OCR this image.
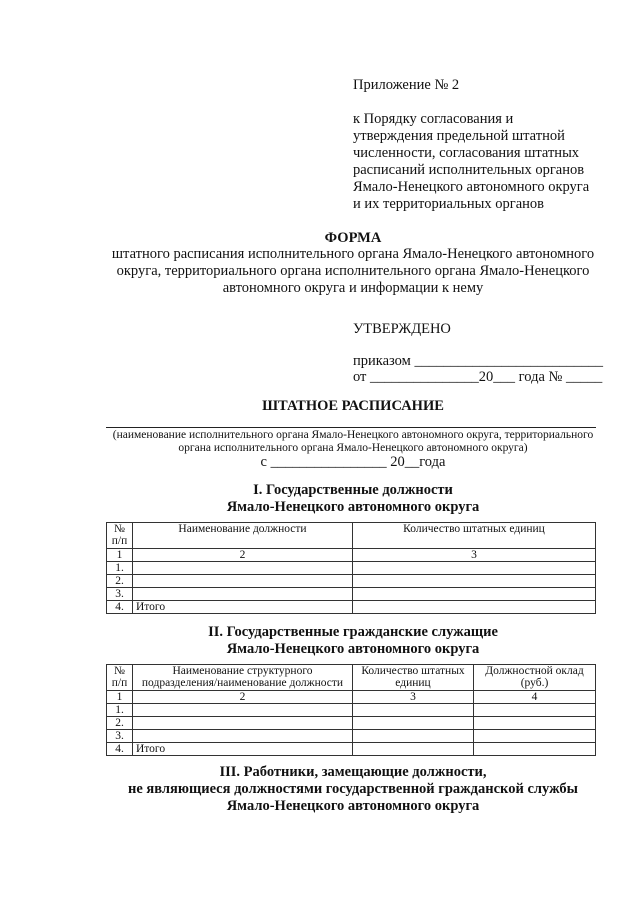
Приложение № 2
к Порядку согласования и
утверждения предельной штатной
численности, согласования штатных
расписаний исполнительных органов
Ямало-Ненецкого автономного округа
и их территориальных органов
ФОРМА
штатного расписания исполнительного органа Ямало-Ненецкого автономного
округа, территориального органа исполнительного органа Ямало-Ненецкого
автономного округа и информации к нему
УТВЕРЖДЕНО
приказом __________________________
от _______________20___ года № _____
ШТАТНОЕ РАСПИСАНИЕ
(наименование исполнительного органа Ямало-Ненецкого автономного округа, территориального
органа исполнительного органа Ямало-Ненецкого автономного округа)
с ________________ 20__года
I. Государственные должности
Ямало-Ненецкого автономного округа
№ п/п	Наименование должности	Количество штатных единиц
1	2	3
1.		
2.		
3.		
4.	Итого	
II. Государственные гражданские служащие
Ямало-Ненецкого автономного округа
№ п/п	Наименование структурного подразделения/наименование должности	Количество штатных единиц	Должностной оклад (руб.)
1	2	3	4
1.			
2.			
3.			
4.	Итого		
III. Работники, замещающие должности,
не являющиеся должностями государственной гражданской службы
Ямало-Ненецкого автономного округа
